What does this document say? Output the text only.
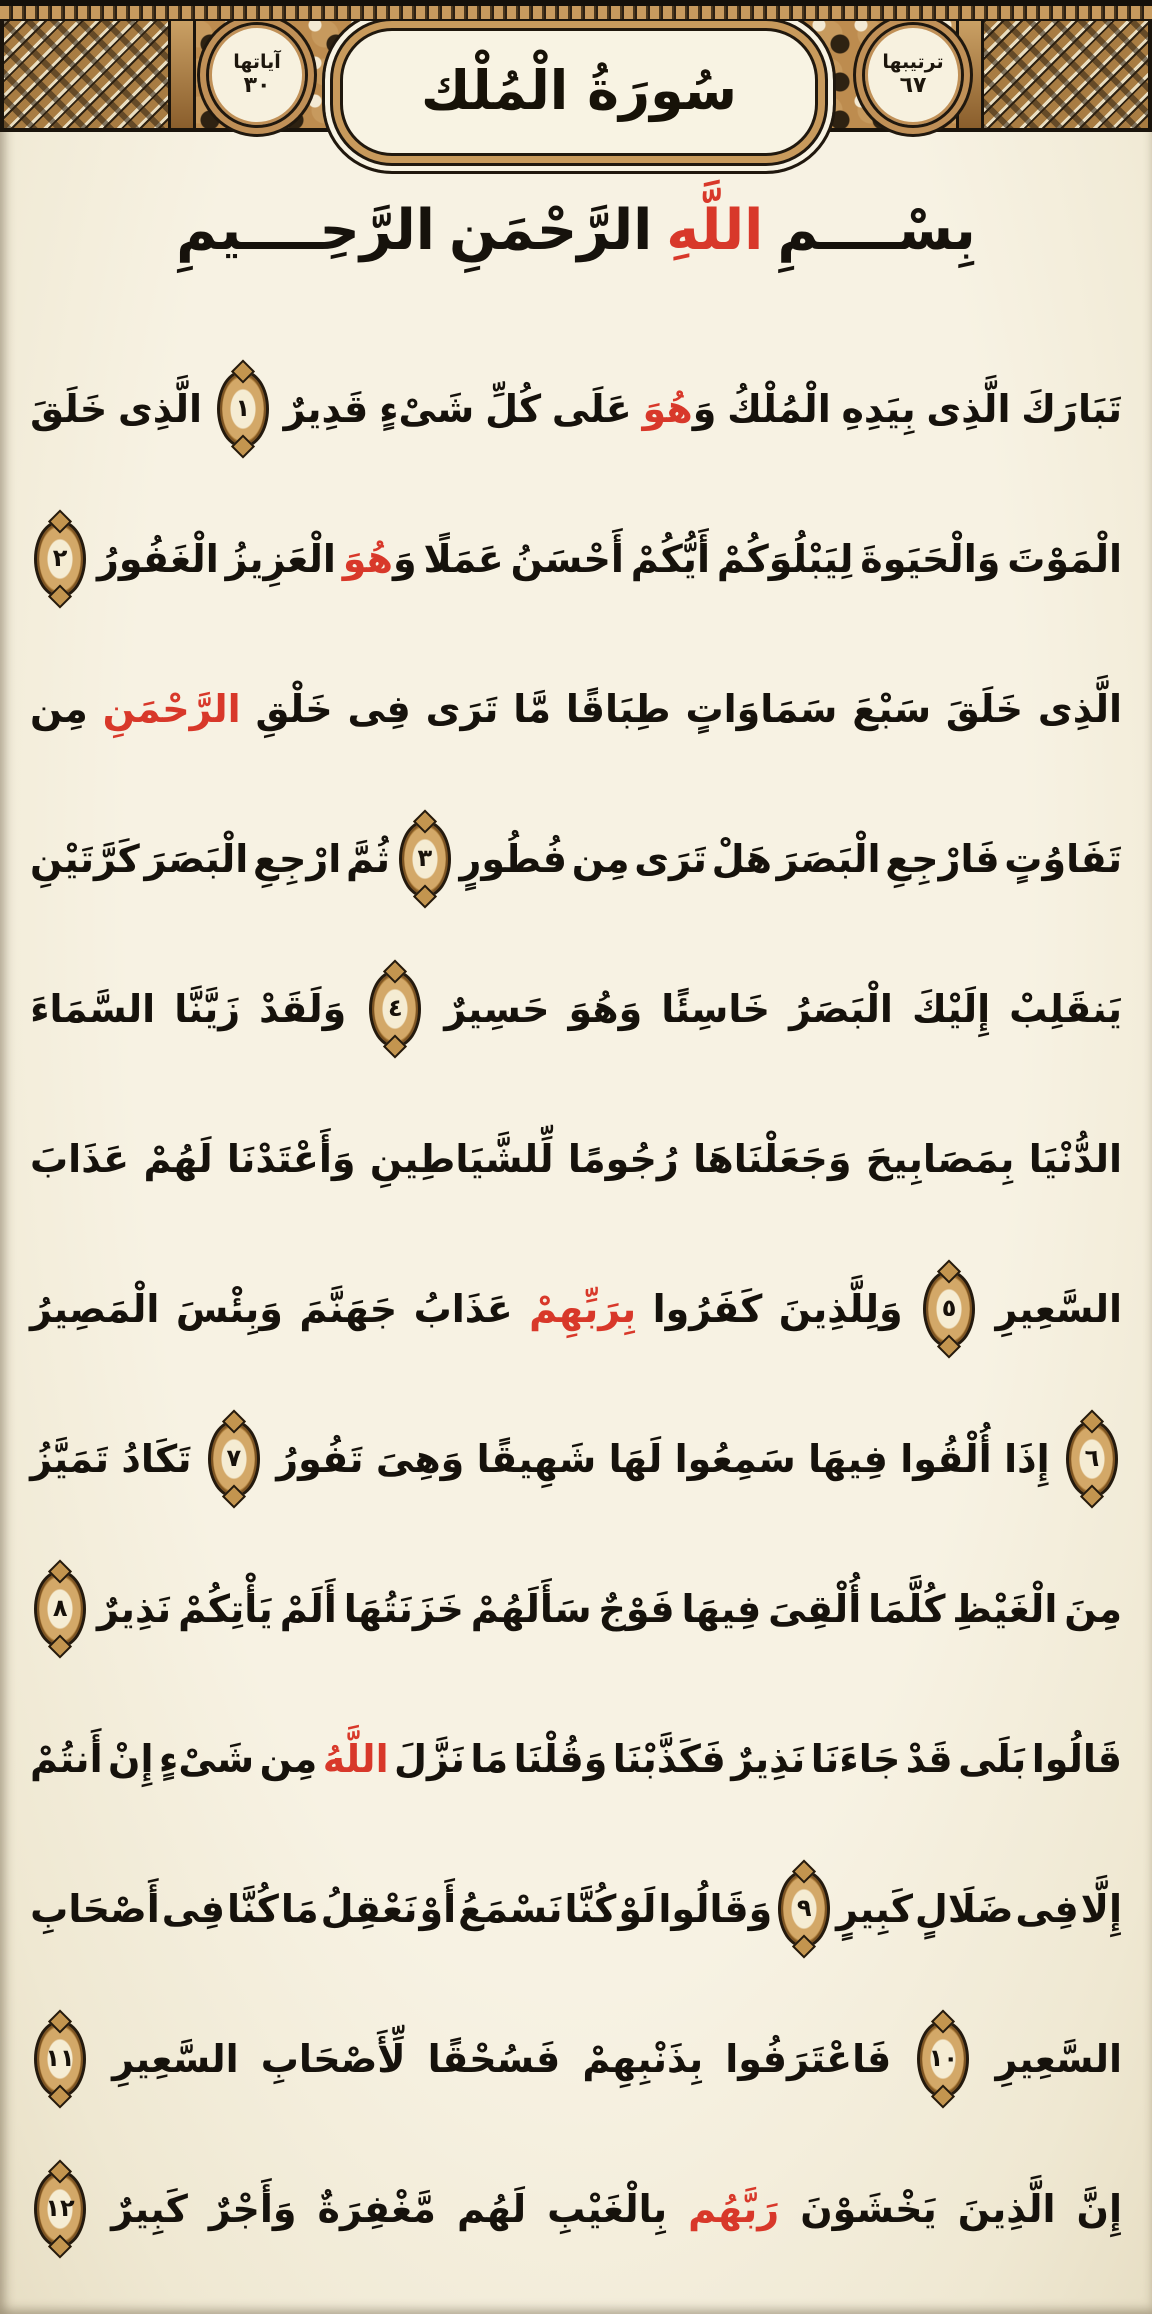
آياتها
٣٠	سُورَةُ الْمُلْك	ترتيبها
٦٧
بِسْــــمِ
اللَّهِ
الرَّحْمَنِ
الرَّحِــــيمِ
تَبَارَكَ
الَّذِى
بِيَدِهِ
الْمُلْكُ
وَهُوَ
عَلَى
كُلِّ
شَىْءٍ
قَدِيرٌ
١
الَّذِى
خَلَقَ
الْمَوْتَ
وَالْحَيَوةَ
لِيَبْلُوَكُمْ
أَيُّكُمْ
أَحْسَنُ
عَمَلًا
وَهُوَ
الْعَزِيزُ
الْغَفُورُ
٢
الَّذِى
خَلَقَ
سَبْعَ
سَمَاوَاتٍ
طِبَاقًا
مَّا
تَرَى
فِى
خَلْقِ
الرَّحْمَنِ
مِن
تَفَاوُتٍ
فَارْجِعِ
الْبَصَرَ
هَلْ
تَرَى
مِن
فُطُورٍ
٣
ثُمَّ
ارْجِعِ
الْبَصَرَ
كَرَّتَيْنِ
يَنقَلِبْ
إِلَيْكَ
الْبَصَرُ
خَاسِئًا
وَهُوَ
حَسِيرٌ
٤
وَلَقَدْ
زَيَّنَّا
السَّمَاءَ
الدُّنْيَا
بِمَصَابِيحَ
وَجَعَلْنَاهَا
رُجُومًا
لِّلشَّيَاطِينِ
وَأَعْتَدْنَا
لَهُمْ
عَذَابَ
السَّعِيرِ
٥
وَلِلَّذِينَ
كَفَرُوا
بِرَبِّهِمْ
عَذَابُ
جَهَنَّمَ
وَبِئْسَ
الْمَصِيرُ
٦
إِذَا
أُلْقُوا
فِيهَا
سَمِعُوا
لَهَا
شَهِيقًا
وَهِىَ
تَفُورُ
٧
تَكَادُ
تَمَيَّزُ
مِنَ
الْغَيْظِ
كُلَّمَا
أُلْقِىَ
فِيهَا
فَوْجٌ
سَأَلَهُمْ
خَزَنَتُهَا
أَلَمْ
يَأْتِكُمْ
نَذِيرٌ
٨
قَالُوا
بَلَى
قَدْ
جَاءَنَا
نَذِيرٌ
فَكَذَّبْنَا
وَقُلْنَا
مَا
نَزَّلَ
اللَّهُ
مِن
شَىْءٍ
إِنْ
أَنتُمْ
إِلَّا
فِى
ضَلَالٍ
كَبِيرٍ
٩
وَقَالُوا
لَوْ
كُنَّا
نَسْمَعُ
أَوْ
نَعْقِلُ
مَا
كُنَّا
فِى
أَصْحَابِ
السَّعِيرِ
١٠
فَاعْتَرَفُوا
بِذَنْبِهِمْ
فَسُحْقًا
لِّأَصْحَابِ
السَّعِيرِ
١١
إِنَّ
الَّذِينَ
يَخْشَوْنَ
رَبَّهُم
بِالْغَيْبِ
لَهُم
مَّغْفِرَةٌ
وَأَجْرٌ
كَبِيرٌ
١٢
